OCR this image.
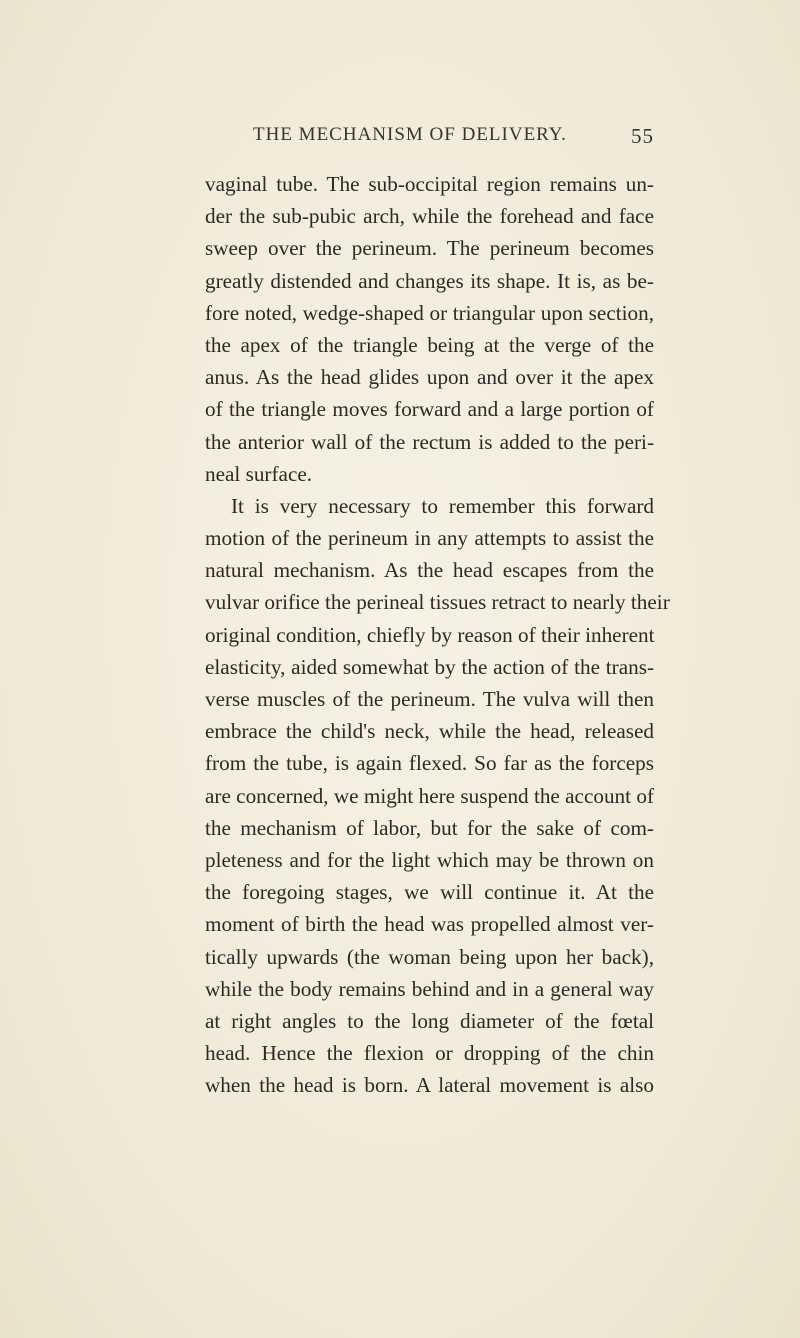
THE MECHANISM OF DELIVERY.	55
vaginal tube. The sub-occipital region remains un-
der the sub-pubic arch, while the forehead and face
sweep over the perineum. The perineum becomes
greatly distended and changes its shape. It is, as be-
fore noted, wedge-shaped or triangular upon section,
the apex of the triangle being at the verge of the
anus. As the head glides upon and over it the apex
of the triangle moves forward and a large portion of
the anterior wall of the rectum is added to the peri-
neal surface.
It is very necessary to remember this forward
motion of the perineum in any attempts to assist the
natural mechanism. As the head escapes from the
vulvar orifice the perineal tissues retract to nearly their
original condition, chiefly by reason of their inherent
elasticity, aided somewhat by the action of the trans-
verse muscles of the perineum. The vulva will then
embrace the child's neck, while the head, released
from the tube, is again flexed. So far as the forceps
are concerned, we might here suspend the account of
the mechanism of labor, but for the sake of com-
pleteness and for the light which may be thrown on
the foregoing stages, we will continue it. At the
moment of birth the head was propelled almost ver-
tically upwards (the woman being upon her back),
while the body remains behind and in a general way
at right angles to the long diameter of the fœtal
head. Hence the flexion or dropping of the chin
when the head is born. A lateral movement is also
